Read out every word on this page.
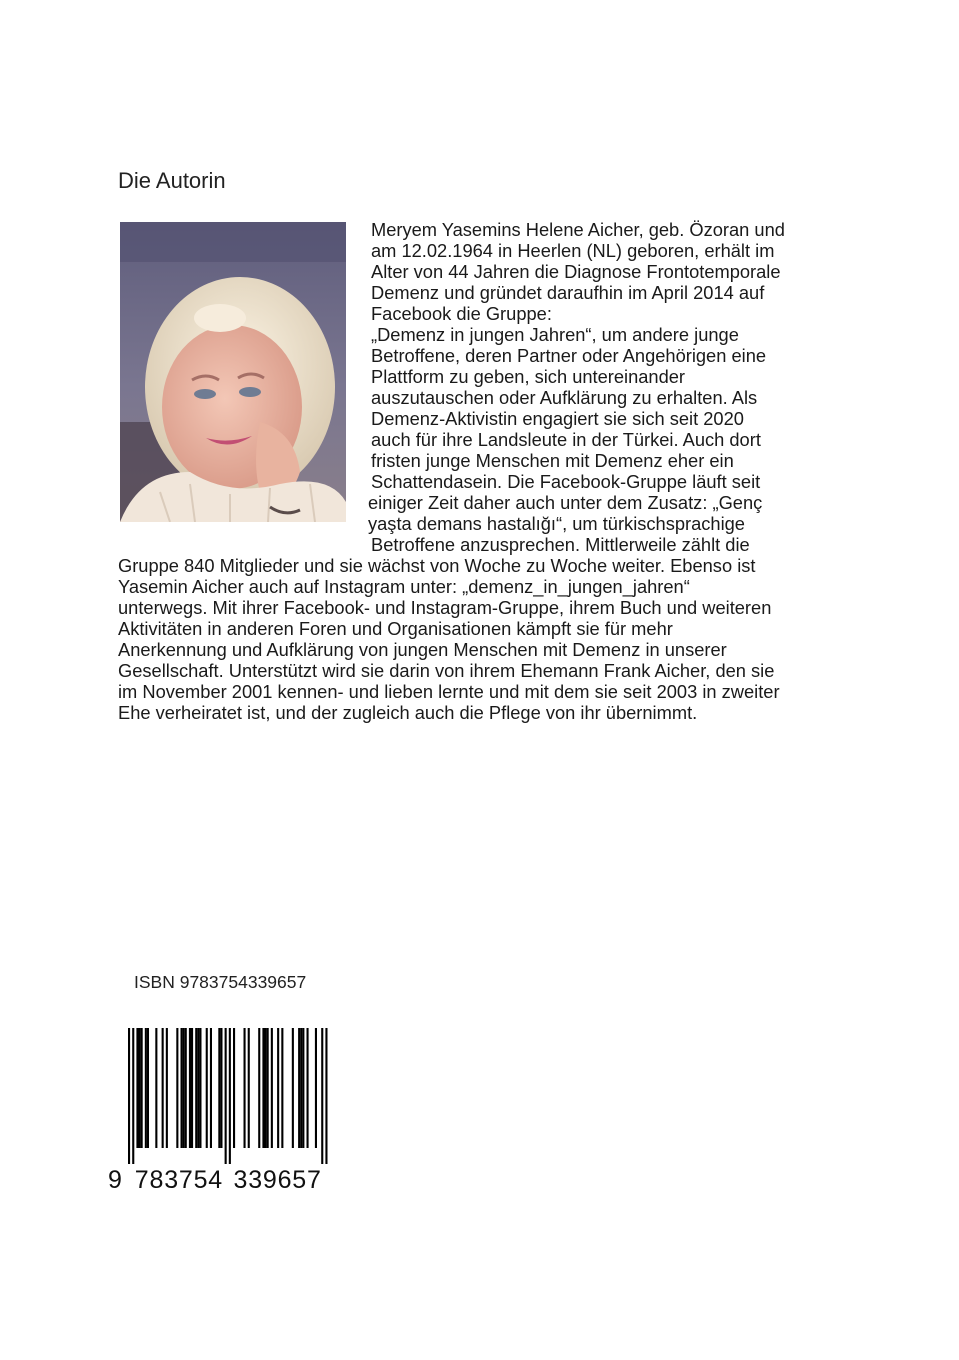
Die Autorin
Meryem Yasemins Helene Aicher, geb. Özoran und
am 12.02.1964 in Heerlen (NL) geboren, erhält im
Alter von 44 Jahren die Diagnose Frontotemporale
Demenz und gründet daraufhin im April 2014 auf
Facebook die Gruppe:
„Demenz in jungen Jahren“, um andere junge
Betroffene, deren Partner oder Angehörigen eine
Plattform zu geben, sich untereinander
auszutauschen oder Aufklärung zu erhalten. Als
Demenz-Aktivistin engagiert sie sich seit 2020
auch für ihre Landsleute in der Türkei. Auch dort
fristen junge Menschen mit Demenz eher ein
Schattendasein. Die Facebook-Gruppe läuft seit
einiger Zeit daher auch unter dem Zusatz: „Genç
yaşta demans hastalığı“, um türkischsprachige
Betroffene anzusprechen. Mittlerweile zählt die
Gruppe 840 Mitglieder und sie wächst von Woche zu Woche weiter. Ebenso ist
Yasemin Aicher auch auf Instagram unter: „demenz_in_jungen_jahren“
unterwegs. Mit ihrer Facebook- und Instagram-Gruppe, ihrem Buch und weiteren
Aktivitäten in anderen Foren und Organisationen kämpft sie für mehr
Anerkennung und Aufklärung von jungen Menschen mit Demenz in unserer
Gesellschaft. Unterstützt wird sie darin von ihrem Ehemann Frank Aicher, den sie
im November 2001 kennen- und lieben lernte und mit dem sie seit 2003 in zweiter
Ehe verheiratet ist, und der zugleich auch die Pflege von ihr übernimmt.
ISBN 9783754339657
9 7 8 3 7 5 4 3 3 9 6 5 7
